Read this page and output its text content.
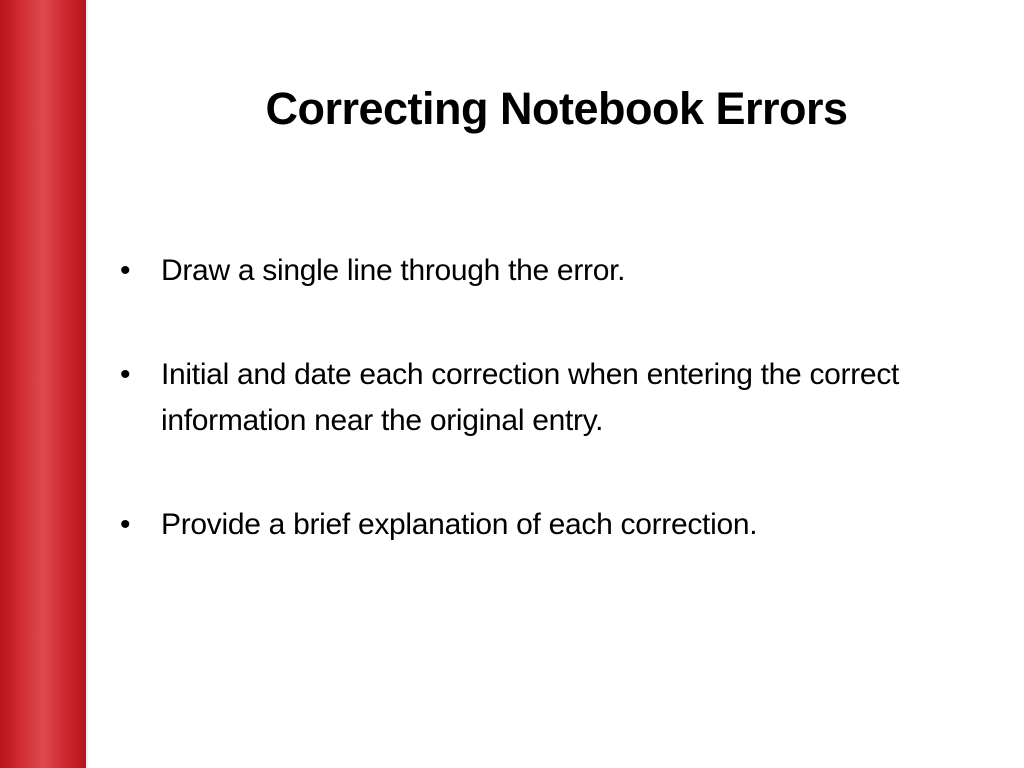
Correcting Notebook Errors
• Draw a single line through the error.
• Initial and date each correction when entering the correct information near the original entry.
• Provide a brief explanation of each correction.
